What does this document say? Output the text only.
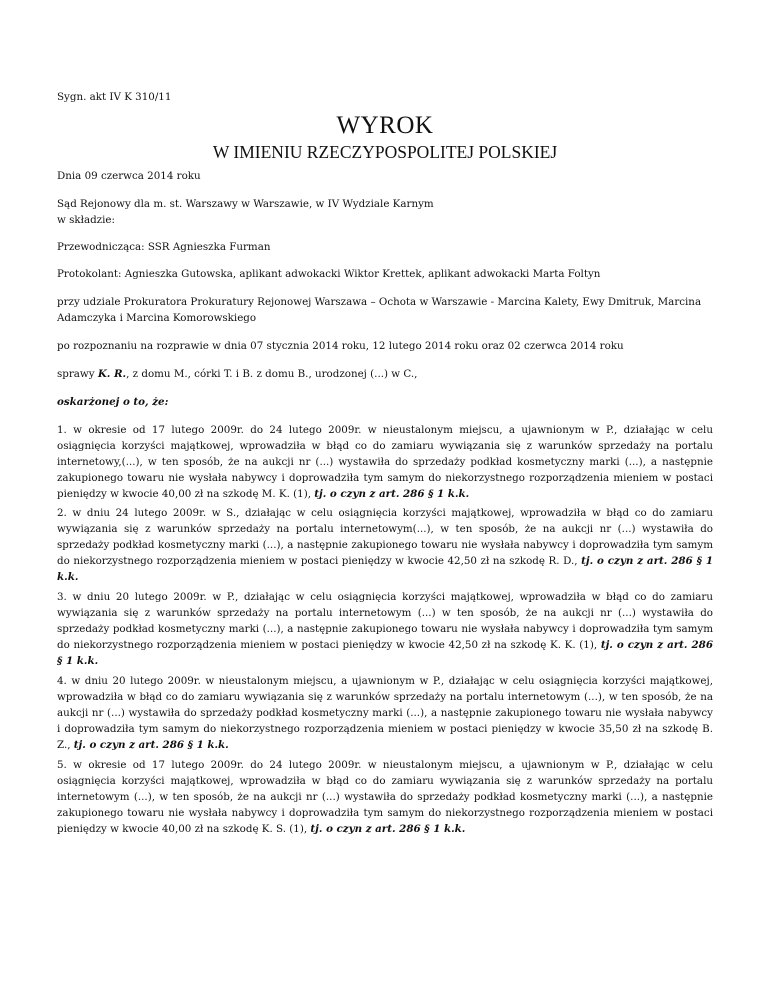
Sygn. akt IV K 310/11

WYROK
W IMIENIU RZECZYPOSPOLITEJ POLSKIEJ

Dnia 09 czerwca 2014 roku

Sąd Rejonowy dla m. st. Warszawy w Warszawie, w IV Wydziale Karnym

w składzie:

Przewodnicząca: SSR Agnieszka Furman

Protokolant: Agnieszka Gutowska, aplikant adwokacki Wiktor Krettek, aplikant adwokacki Marta Foltyn

przy udziale Prokuratora Prokuratury Rejonowej Warszawa – Ochota w Warszawie - Marcina Kalety, Ewy Dmitruk, Marcina Adamczyka i Marcina Komorowskiego

po rozpoznaniu na rozprawie w dnia 07 stycznia 2014 roku, 12 lutego 2014 roku oraz 02 czerwca 2014 roku

sprawy K. R., z domu M., córki T. i B. z domu B., urodzonej (...) w C.,

oskarżonej o to, że:

1. w okresie od 17 lutego 2009r. do 24 lutego 2009r. w nieustalonym miejscu, a ujawnionym w P., działając w celu osiągnięcia korzyści majątkowej, wprowadziła w błąd co do zamiaru wywiązania się z warunków sprzedaży na portalu internetowy,(...), w ten sposób, że na aukcji nr (...) wystawiła do sprzedaży podkład kosmetyczny marki (...), a następnie zakupionego towaru nie wysłała nabywcy i doprowadziła tym samym do niekorzystnego rozporządzenia mieniem w postaci pieniędzy w kwocie 40,00 zł na szkodę M. K. (1), tj. o czyn z art. 286 § 1 k.k.

2. w dniu 24 lutego 2009r. w S., działając w celu osiągnięcia korzyści majątkowej, wprowadziła w błąd co do zamiaru wywiązania się z warunków sprzedaży na portalu internetowym(...), w ten sposób, że na aukcji nr (...) wystawiła do sprzedaży podkład kosmetyczny marki (...), a następnie zakupionego towaru nie wysłała nabywcy i doprowadziła tym samym do niekorzystnego rozporządzenia mieniem w postaci pieniędzy w kwocie 42,50 zł na szkodę R. D., tj. o czyn z art. 286 § 1 k.k.

3. w dniu 20 lutego 2009r. w P., działając w celu osiągnięcia korzyści majątkowej, wprowadziła w błąd co do zamiaru wywiązania się z warunków sprzedaży na portalu internetowym (...) w ten sposób, że na aukcji nr (...) wystawiła do sprzedaży podkład kosmetyczny marki (...), a następnie zakupionego towaru nie wysłała nabywcy i doprowadziła tym samym do niekorzystnego rozporządzenia mieniem w postaci pieniędzy w kwocie 42,50 zł na szkodę K. K. (1), tj. o czyn z art. 286 § 1 k.k.

4. w dniu 20 lutego 2009r. w nieustalonym miejscu, a ujawnionym w P., działając w celu osiągnięcia korzyści majątkowej, wprowadziła w błąd co do zamiaru wywiązania się z warunków sprzedaży na portalu internetowym (...), w ten sposób, że na aukcji nr (...) wystawiła do sprzedaży podkład kosmetyczny marki (...), a następnie zakupionego towaru nie wysłała nabywcy i doprowadziła tym samym do niekorzystnego rozporządzenia mieniem w postaci pieniędzy w kwocie 35,50 zł na szkodę B. Z., tj. o czyn z art. 286 § 1 k.k.

5. w okresie od 17 lutego 2009r. do 24 lutego 2009r. w nieustalonym miejscu, a ujawnionym w P., działając w celu osiągnięcia korzyści majątkowej, wprowadziła w błąd co do zamiaru wywiązania się z warunków sprzedaży na portalu internetowym (...), w ten sposób, że na aukcji nr (...) wystawiła do sprzedaży podkład kosmetyczny marki (...), a następnie zakupionego towaru nie wysłała nabywcy i doprowadziła tym samym do niekorzystnego rozporządzenia mieniem w postaci pieniędzy w kwocie 40,00 zł na szkodę K. S. (1), tj. o czyn z art. 286 § 1 k.k.
